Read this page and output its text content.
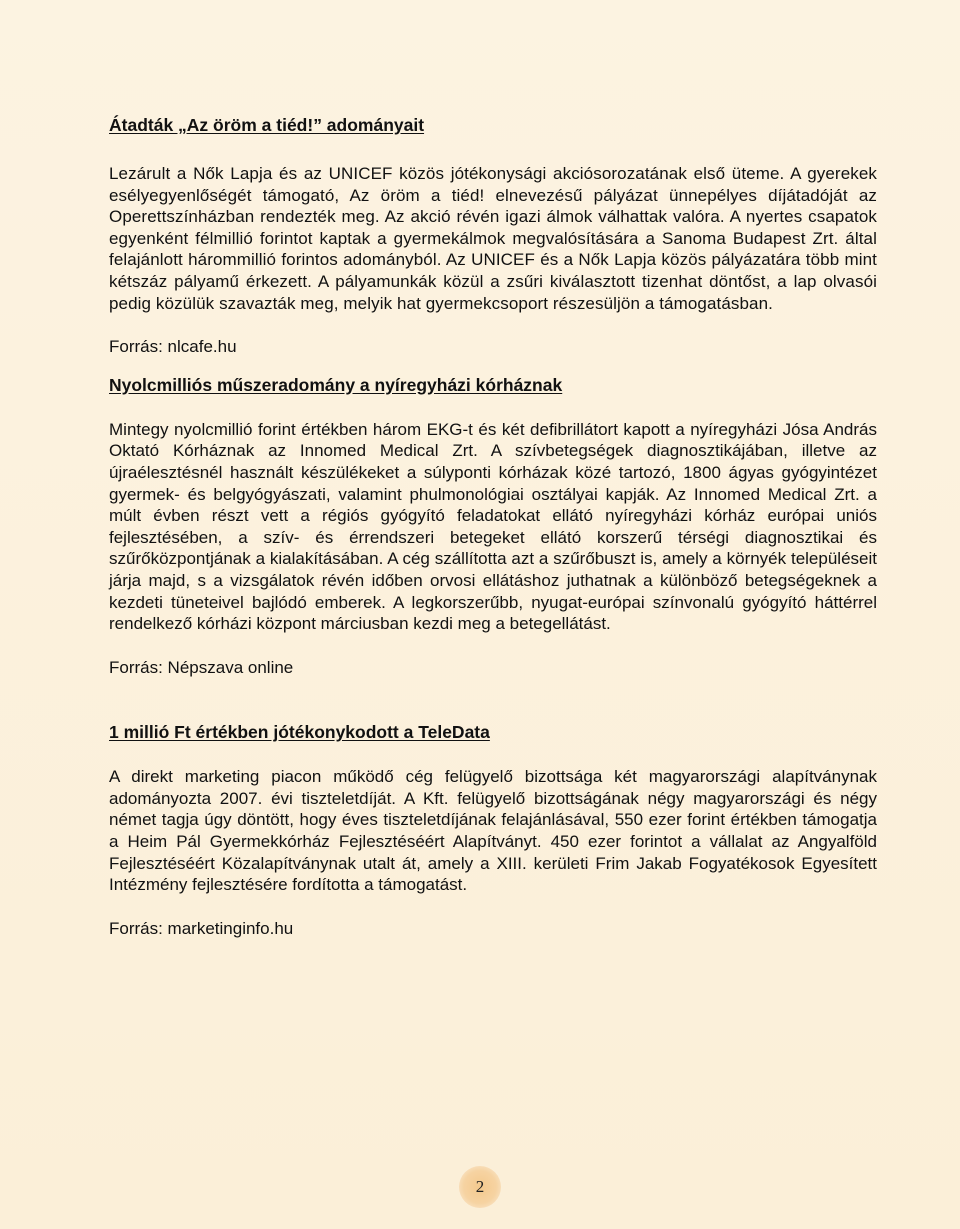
Átadták „Az öröm a tiéd!” adományait

Lezárult a Nők Lapja és az UNICEF közös jótékonysági akciósorozatának első üteme. A gyerekek esélyegyenlőségét támogató, Az öröm a tiéd! elnevezésű pályázat ünnepélyes díjátadóját az Operettszínházban rendezték meg. Az akció révén igazi álmok válhattak valóra. A nyertes csapatok egyenként félmillió forintot kaptak a gyermekálmok megvalósítására a Sanoma Budapest Zrt. által felajánlott hárommillió forintos adományból. Az UNICEF és a Nők Lapja közös pályázatára több mint kétszáz pályamű érkezett. A pályamunkák közül a zsűri kiválasztott tizenhat döntőst, a lap olvasói pedig közülük szavazták meg, melyik hat gyermekcsoport részesüljön a támogatásban.

Forrás: nlcafe.hu

Nyolcmilliós műszeradomány a nyíregyházi kórháznak

Mintegy nyolcmillió forint értékben három EKG-t és két defibrillátort kapott a nyíregyházi Jósa András Oktató Kórháznak az Innomed Medical Zrt. A szívbetegségek diagnosztikájában, illetve az újraélesztésnél használt készülékeket a súlyponti kórházak közé tartozó, 1800 ágyas gyógyintézet gyermek- és belgyógyászati, valamint phulmonológiai osztályai kapják. Az Innomed Medical Zrt. a múlt évben részt vett a régiós gyógyító feladatokat ellátó nyíregyházi kórház európai uniós fejlesztésében, a szív- és érrendszeri betegeket ellátó korszerű térségi diagnosztikai és szűrőközpontjának a kialakításában. A cég szállította azt a szűrőbuszt is, amely a környék településeit járja majd, s a vizsgálatok révén időben orvosi ellátáshoz juthatnak a különböző betegségeknek a kezdeti tüneteivel bajlódó emberek. A legkorszerűbb, nyugat-európai színvonalú gyógyító háttérrel rendelkező kórházi központ márciusban kezdi meg a betegellátást.

Forrás: Népszava online

1 millió Ft értékben jótékonykodott a TeleData

A direkt marketing piacon működő cég felügyelő bizottsága két magyarországi alapítványnak adományozta 2007. évi tiszteletdíját. A Kft. felügyelő bizottságának négy magyarországi és négy német tagja úgy döntött, hogy éves tiszteletdíjának felajánlásával, 550 ezer forint értékben támogatja a Heim Pál Gyermekkórház Fejlesztéséért Alapítványt. 450 ezer forintot a vállalat az Angyalföld Fejlesztéséért Közalapítványnak utalt át, amely a XIII. kerületi Frim Jakab Fogyatékosok Egyesített Intézmény fejlesztésére fordította a támogatást.

Forrás: marketinginfo.hu

2
